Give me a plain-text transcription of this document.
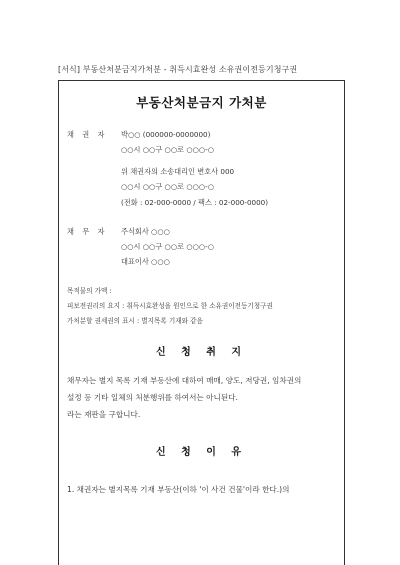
[서식] 부동산처분금지가처분 - 취득시효완성 소유권이전등기청구권
부동산처분금지 가처분
채 권 자 박○○ (000000-0000000)
○○시 ○○구 ○○로 ○○○-○
위 채권자의 소송대리인 변호사 000
○○시 ○○구 ○○로 ○○○-○
(전화 : 02-000-0000 / 팩스 : 02-000-0000)
채 무 자 주식회사 ○○○
○○시 ○○구 ○○로 ○○○-○
대표이사 ○○○
목적물의 가액 :
피보전권리의 요지 : 취득시효완성을 원인으로 한 소유권이전등기청구권
가처분할 권세권의 표시 : 별지목록 기재와 같음
신 청 취 지
채무자는 별지 목록 기재 부동산에 대하여 매매, 양도, 저당권, 임차권의
설정 등 기타 일체의 처분행위를 하여서는 아니된다.
라는 재판을 구합니다.
신 청 이 유
1. 채권자는 별지목록 기재 부동산(이하 '이 사건 건물'이라 한다.)의
